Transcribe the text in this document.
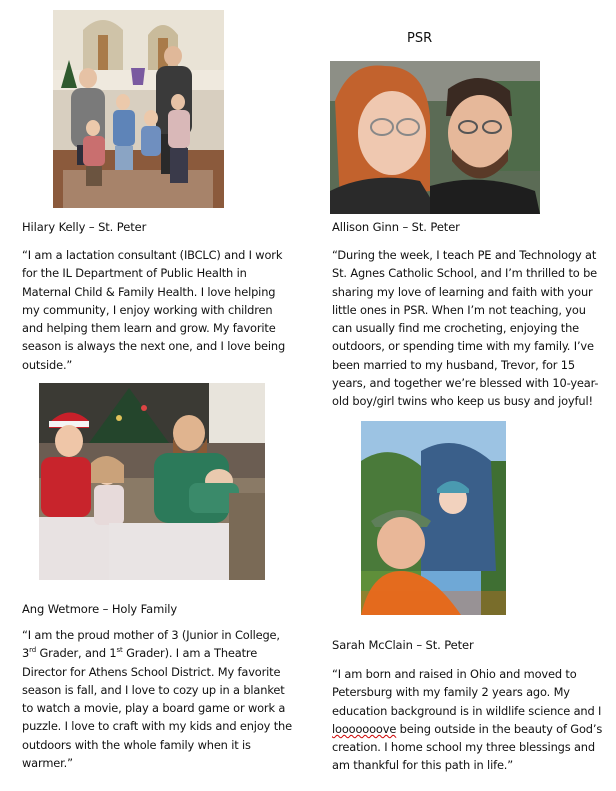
PSR
Hilary Kelly – St. Peter	Allison Ginn – St. Peter
Ang Wetmore – Holy Family
Sarah McClain – St. Peter
“I am a lactation consultant (IBCLC) and I work
for the IL Department of Public Health in
Maternal Child & Family Health. I love helping
my community, I enjoy working with children
and helping them learn and grow. My favorite
season is always the next one, and I love being
outside.”
“During the week, I teach PE and Technology at
St. Agnes Catholic School, and I’m thrilled to be
sharing my love of learning and faith with your
little ones in PSR. When I’m not teaching, you
can usually find me crocheting, enjoying the
outdoors, or spending time with my family. I’ve
been married to my husband, Trevor, for 15
years, and together we’re blessed with 10-year-
old boy/girl twins who keep us busy and joyful!
“I am the proud mother of 3 (Junior in College,
3rd Grader, and 1st Grader). I am a Theatre
Director for Athens School District. My favorite
season is fall, and I love to cozy up in a blanket
to watch a movie, play a board game or work a
puzzle. I love to craft with my kids and enjoy the
outdoors with the whole family when it is
warmer.”
“I am born and raised in Ohio and moved to
Petersburg with my family 2 years ago. My
education background is in wildlife science and I
looooooove being outside in the beauty of God’s
creation. I home school my three blessings and
am thankful for this path in life.”
